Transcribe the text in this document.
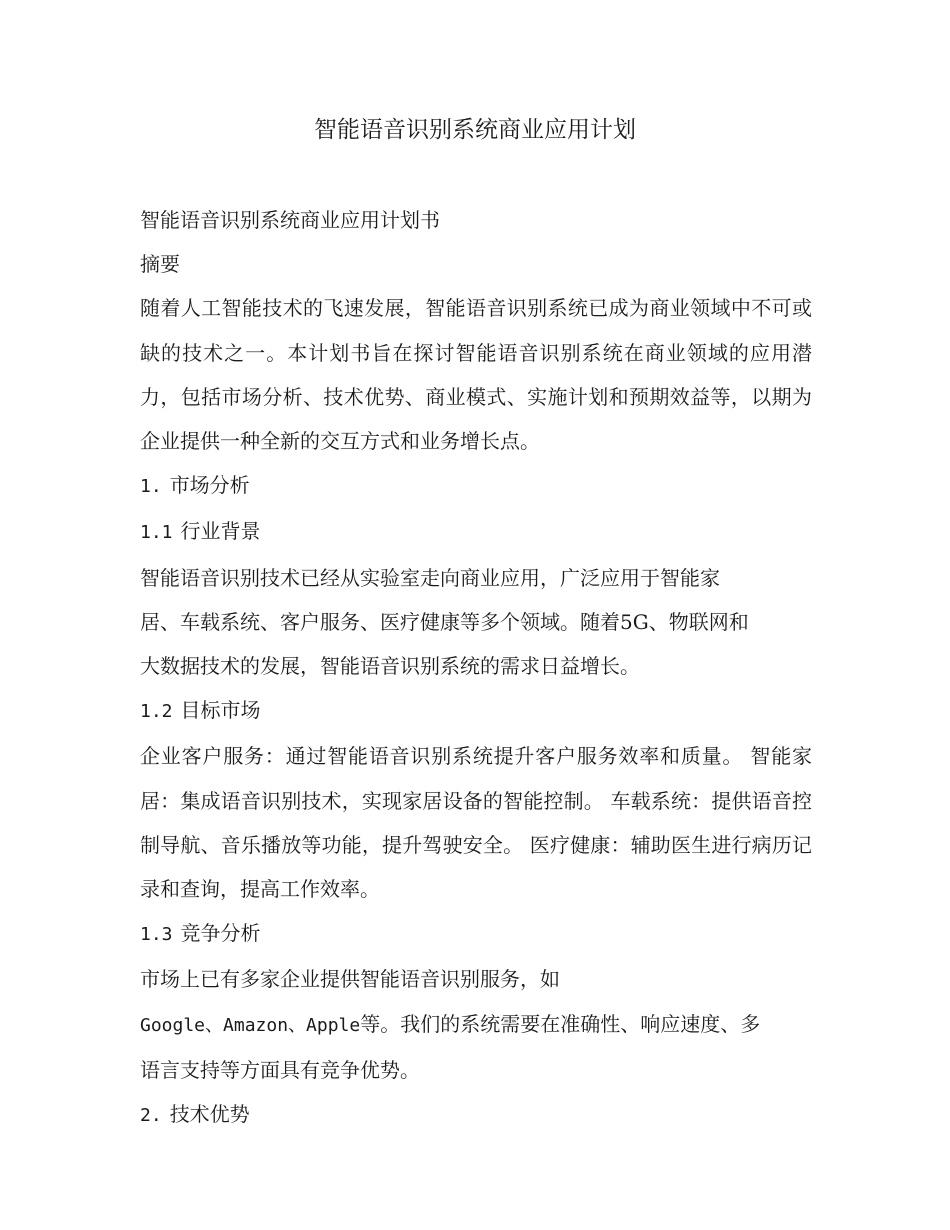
智能语音识别系统商业应用计划

智能语音识别系统商业应用计划书

摘要

随着人工智能技术的飞速发展，智能语音识别系统已成为商业领域中不可或缺的技术之一。本计划书旨在探讨智能语音识别系统在商业领域的应用潜力，包括市场分析、技术优势、商业模式、实施计划和预期效益等，以期为企业提供一种全新的交互方式和业务增长点。

1. 市场分析

1.1 行业背景

智能语音识别技术已经从实验室走向商业应用，广泛应用于智能家

居、车载系统、客户服务、医疗健康等多个领域。随着5G、物联网和

大数据技术的发展，智能语音识别系统的需求日益增长。

1.2 目标市场

企业客户服务：通过智能语音识别系统提升客户服务效率和质量。 智能家居：集成语音识别技术，实现家居设备的智能控制。 车载系统：提供语音控制导航、音乐播放等功能，提升驾驶安全。 医疗健康：辅助医生进行病历记录和查询，提高工作效率。

1.3 竞争分析

市场上已有多家企业提供智能语音识别服务，如

Google、Amazon、Apple等。我们的系统需要在准确性、响应速度、多

语言支持等方面具有竞争优势。

2. 技术优势
